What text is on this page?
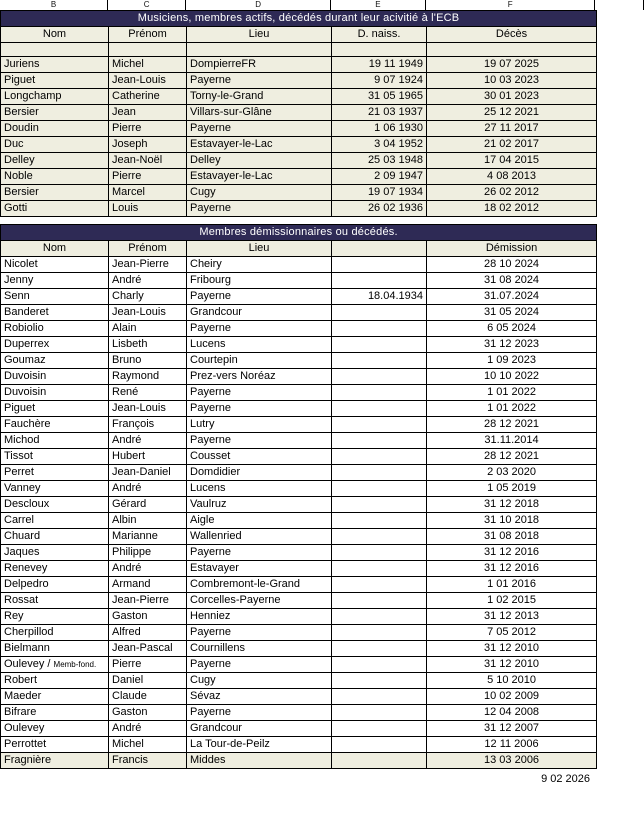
B	C	D	E	F
Musiciens, membres actifs, décédés durant leur acivitié à l'ECB				
Nom	Prénom	Lieu	D. naiss.	Décès

Juriens	Michel	DompierreFR	19 11 1949	19 07 2025
Piguet	Jean-Louis	Payerne	9 07 1924	10 03 2023
Longchamp	Catherine	Torny-le-Grand	31 05 1965	30 01 2023
Bersier	Jean	Villars-sur-Glâne	21 03 1937	25 12 2021
Doudin	Pierre	Payerne	1 06 1930	27 11 2017
Duc	Joseph	Estavayer-le-Lac	3 04 1952	21 02 2017
Delley	Jean-Noël	Delley	25 03 1948	17 04 2015
Noble	Pierre	Estavayer-le-Lac	2 09 1947	4 08 2013
Bersier	Marcel	Cugy	19 07 1934	26 02 2012
Gotti	Louis	Payerne	26 02 1936	18 02 2012
Membres démissionnaires ou décédés.				
Nom	Prénom	Lieu		Démission
Nicolet	Jean-Pierre	Cheiry		28 10 2024
Jenny	André	Fribourg		31 08 2024
Senn	Charly	Payerne	18.04.1934	31.07.2024
Banderet	Jean-Louis	Grandcour		31 05 2024
Robiolio	Alain	Payerne		6 05 2024
Duperrex	Lisbeth	Lucens		31 12 2023
Goumaz	Bruno	Courtepin		1 09 2023
Duvoisin	Raymond	Prez-vers Noréaz		10 10 2022
Duvoisin	René	Payerne		1 01 2022
Piguet	Jean-Louis	Payerne		1 01 2022
Fauchère	François	Lutry		28 12 2021
Michod	André	Payerne		31.11.2014
Tissot	Hubert	Cousset		28 12 2021
Perret	Jean-Daniel	Domdidier		2 03 2020
Vanney	André	Lucens		1 05 2019
Descloux	Gérard	Vaulruz		31 12 2018
Carrel	Albin	Aigle		31 10 2018
Chuard	Marianne	Wallenried		31 08 2018
Jaques	Philippe	Payerne		31 12 2016
Renevey	André	Estavayer		31 12 2016
Delpedro	Armand	Combremont-le-Grand		1 01 2016
Rossat	Jean-Pierre	Corcelles-Payerne		1 02 2015
Rey	Gaston	Henniez		31 12 2013
Cherpillod	Alfred	Payerne		7 05 2012
Bielmann	Jean-Pascal	Cournillens		31 12 2010
Oulevey / Memb-fond.	Pierre	Payerne		31 12 2010
Robert	Daniel	Cugy		5 10 2010
Maeder	Claude	Sévaz		10 02 2009
Bifrare	Gaston	Payerne		12 04 2008
Oulevey	André	Grandcour		31 12 2007
Perrottet	Michel	La Tour-de-Peilz		12 11 2006
Fragnière	Francis	Middes		13 03 2006
9 02 2026
